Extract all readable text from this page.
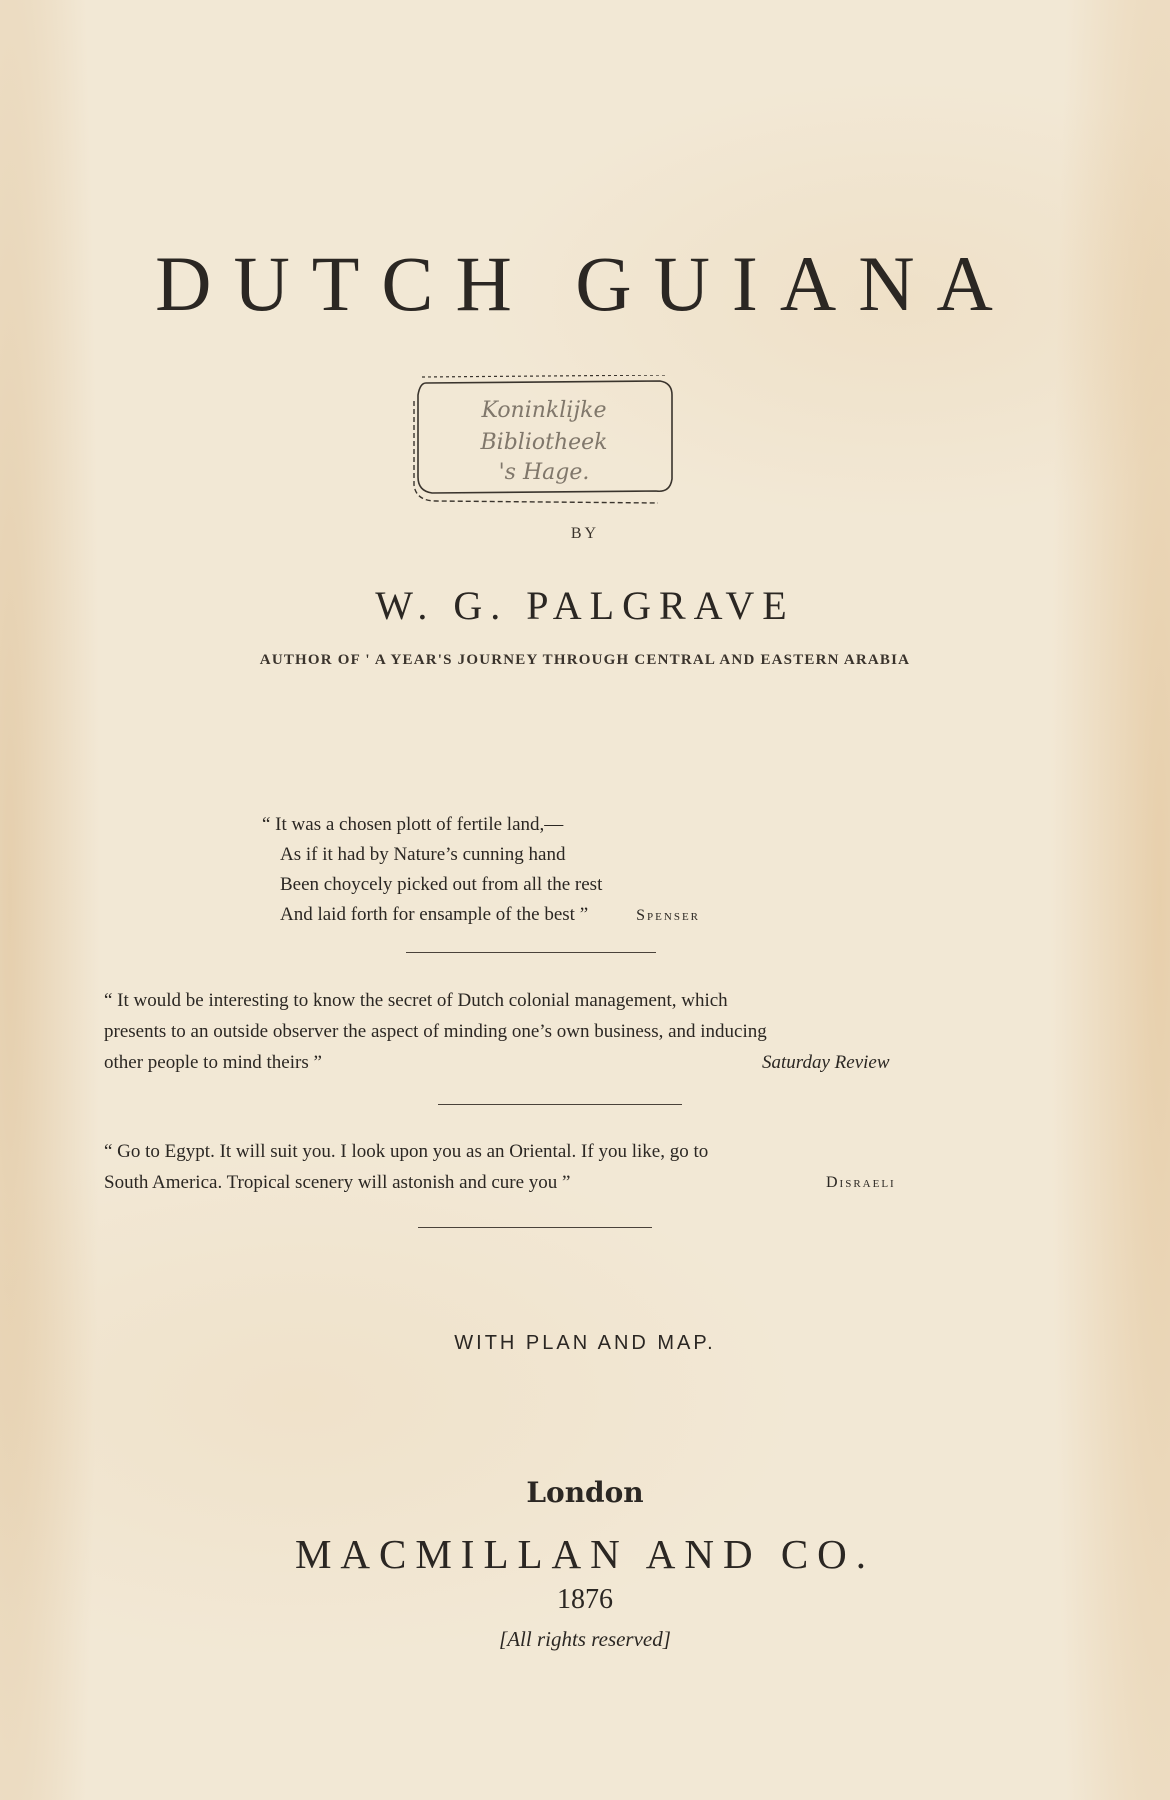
DUTCH GUIANA
Koninklijke
Bibliotheek
's Hage.
BY
W. G. PALGRAVE
AUTHOR OF ' A YEAR'S JOURNEY THROUGH CENTRAL AND EASTERN ARABIA
“ It was a chosen plott of fertile land,—
As if it had by Nature’s cunning hand
Been choycely picked out from all the rest
And laid forth for ensample of the best ”	Spenser
“ It would be interesting to know the secret of Dutch colonial management, which
presents to an outside observer the aspect of minding one’s own business, and inducing
other people to mind theirs ”	Saturday Review
“ Go to Egypt. It will suit you. I look upon you as an Oriental. If you like, go to
South America. Tropical scenery will astonish and cure you ”	Disraeli
WITH PLAN AND MAP.
London
MACMILLAN AND CO.
1876
[All rights reserved]
